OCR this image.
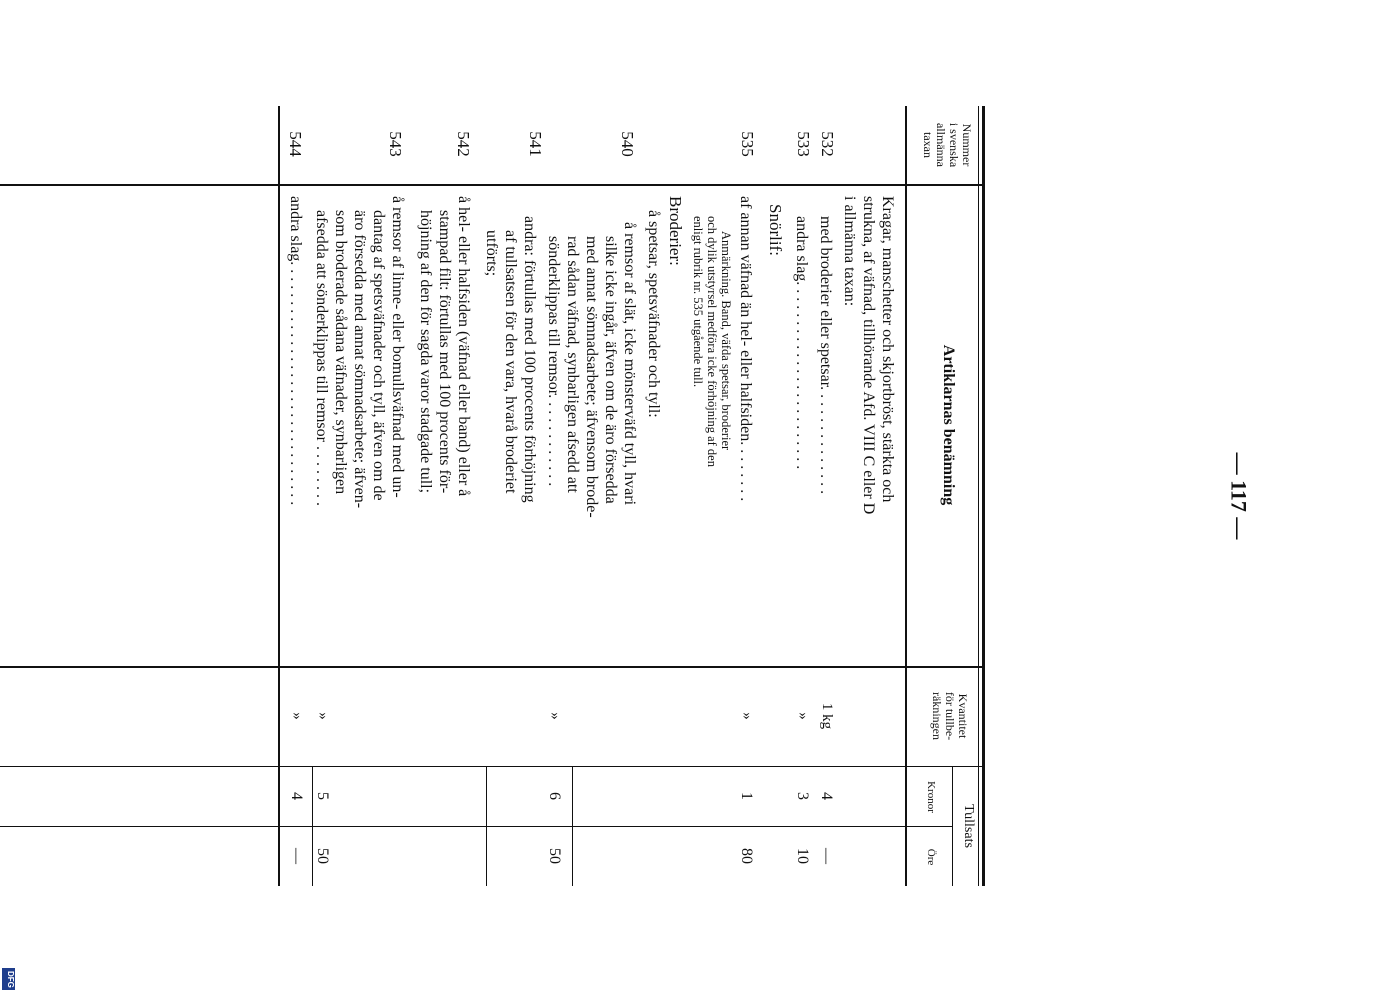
DFG
— 117 —
Nummer
i svenska
allmänna
taxan
Artiklarnas benämning
Kvantitet
för tullbe-
räkningen
Tullsats
Kronor
Öre
Kragar, manschetter och skjortbröst, stärkta och
strukna, af väfnad, tillhörande Afd. VIII C eller D
i allmänna taxan:
532
med broderier eller spetsar. . . . . . . . . . . . . .
1 kg
4
—
533
andra slag. . . . . . . . . . . . . . . . . . . . . . . .
»
3
10
Snörlif:
535
af annan väfnad än hel- eller halfsiden. . . . . . . .
»
1
80
Anmärkning. Band, väfda spetsar, broderier
och dylik utstyrsel medföra icke förhöjning af den
enligt rubrik nr. 535 utgående tull.
Broderier:
å spetsar, spetsväfnader och tyll:
540
å remsor af slät, icke mönsterväfd tyll, hvari
silke icke ingår, äfven om de äro försedda
med annat sömnadsarbete; äfvensom brode-
rad sådan väfnad, synbarligen afsedd att
sönderklippas till remsor. . . . . . . . . . . .
»
6
50
541
andra: förtullas med 100 procents förhöjning
af tullsatsen för den vara, hvarå broderiet
utförts;
542
å hel- eller halfsiden (väfnad eller band) eller å
stampad filt: förtullas med 100 procents för-
höjning af den för sagda varor stadgade tull;
543
å remsor af linne- eller bomullsväfnad med un-
dantag af spetsväfnader och tyll, äfven om de
äro försedda med annat sömnadsarbete; äfven-
som broderade sådana väfnader, synbarligen
afsedda att sönderklippas till remsor . . . . . . . .
»
5
50
544
andra slag. . . . . . . . . . . . . . . . . . . . . . . . . . . . . . .
»
4
—
